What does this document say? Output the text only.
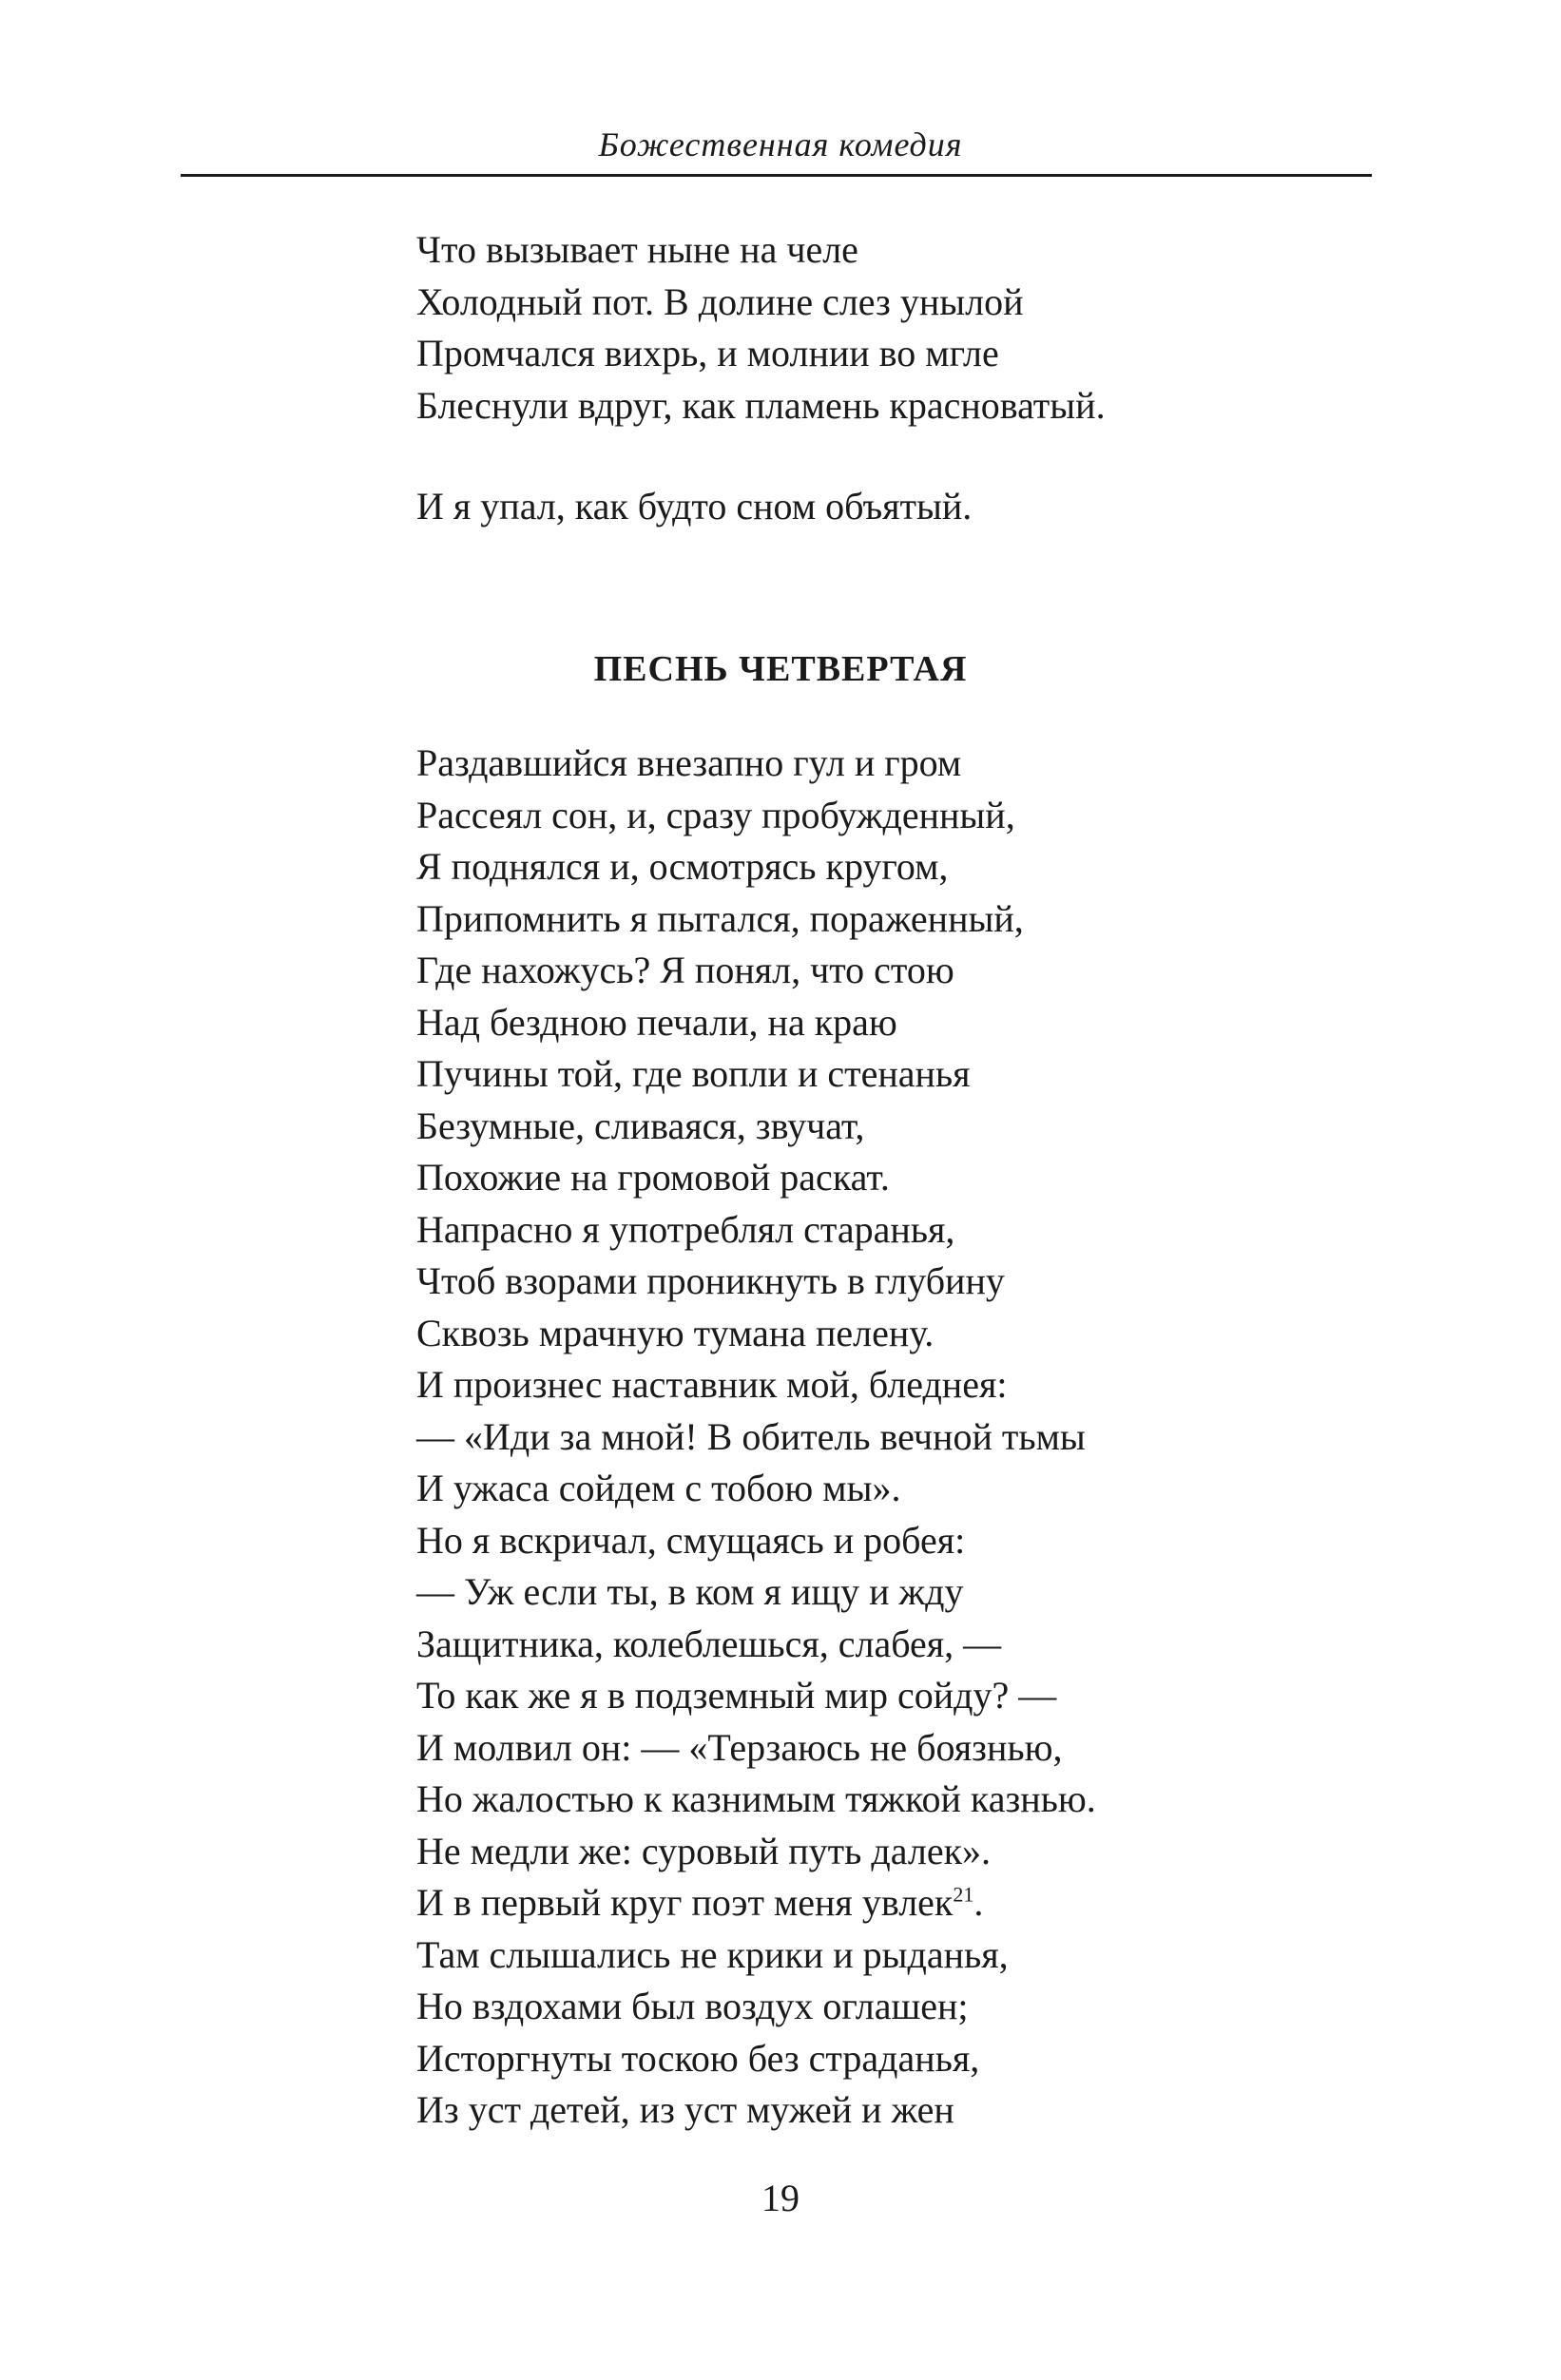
Божественная комедия
Что вызывает ныне на челе
Холодный пот. В долине слез унылой
Промчался вихрь, и молнии во мгле
Блеснули вдруг, как пламень красноватый.
И я упал, как будто сном объятый.
ПЕСНЬ ЧЕТВЕРТАЯ
Раздавшийся внезапно гул и гром
Рассеял сон, и, сразу пробужденный,
Я поднялся и, осмотрясь кругом,
Припомнить я пытался, пораженный,
Где нахожусь? Я понял, что стою
Над бездною печали, на краю
Пучины той, где вопли и стенанья
Безумные, сливаяся, звучат,
Похожие на громовой раскат.
Напрасно я употреблял старанья,
Чтоб взорами проникнуть в глубину
Сквозь мрачную тумана пелену.
И произнес наставник мой, бледнея:
— «Иди за мной! В обитель вечной тьмы
И ужаса сойдем с тобою мы».
Но я вскричал, смущаясь и робея:
— Уж если ты, в ком я ищу и жду
Защитника, колеблешься, слабея, —
То как же я в подземный мир сойду? —
И молвил он: — «Терзаюсь не боязнью,
Но жалостью к казнимым тяжкой казнью.
Не медли же: суровый путь далек».
И в первый круг поэт меня увлек$^{21}$.
Там слышались не крики и рыданья,
Но вздохами был воздух оглашен;
Исторгнуты тоскою без страданья,
Из уст детей, из уст мужей и жен
19
